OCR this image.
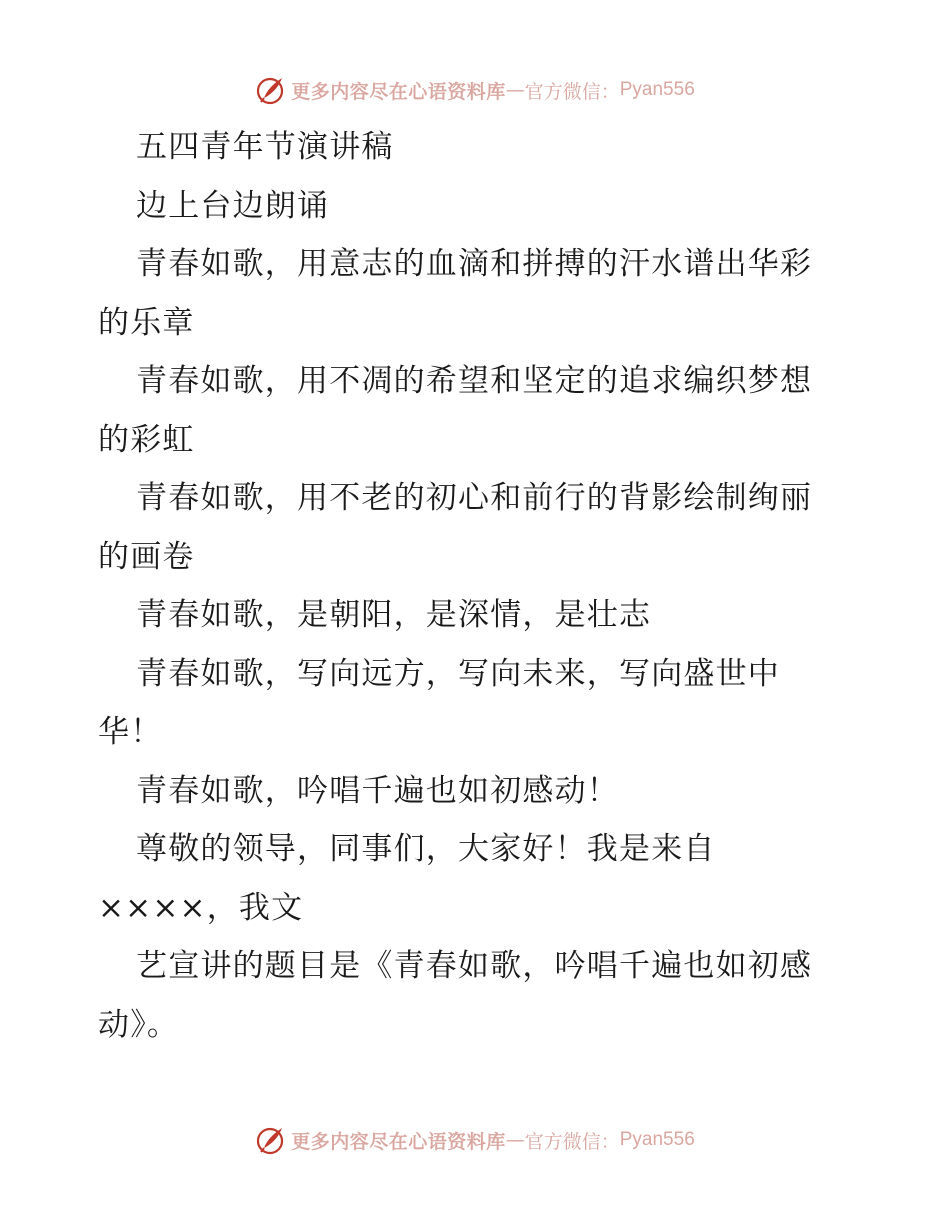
更多内容尽在心语资料库 — 官方微信： Pyan556
五四青年节演讲稿
边上台边朗诵
青春如歌，用意志的血滴和拼搏的汗水谱出华彩
的乐章
青春如歌，用不凋的希望和坚定的追求编织梦想
的彩虹
青春如歌，用不老的初心和前行的背影绘制绚丽
的画卷
青春如歌，是朝阳，是深情，是壮志
青春如歌，写向远方，写向未来，写向盛世中
华！
青春如歌，吟唱千遍也如初感动！
尊敬的领导，同事们，大家好！我是来自
××××，我文
艺宣讲的题目是《青春如歌，吟唱千遍也如初感
动》。
更多内容尽在心语资料库 — 官方微信： Pyan556
